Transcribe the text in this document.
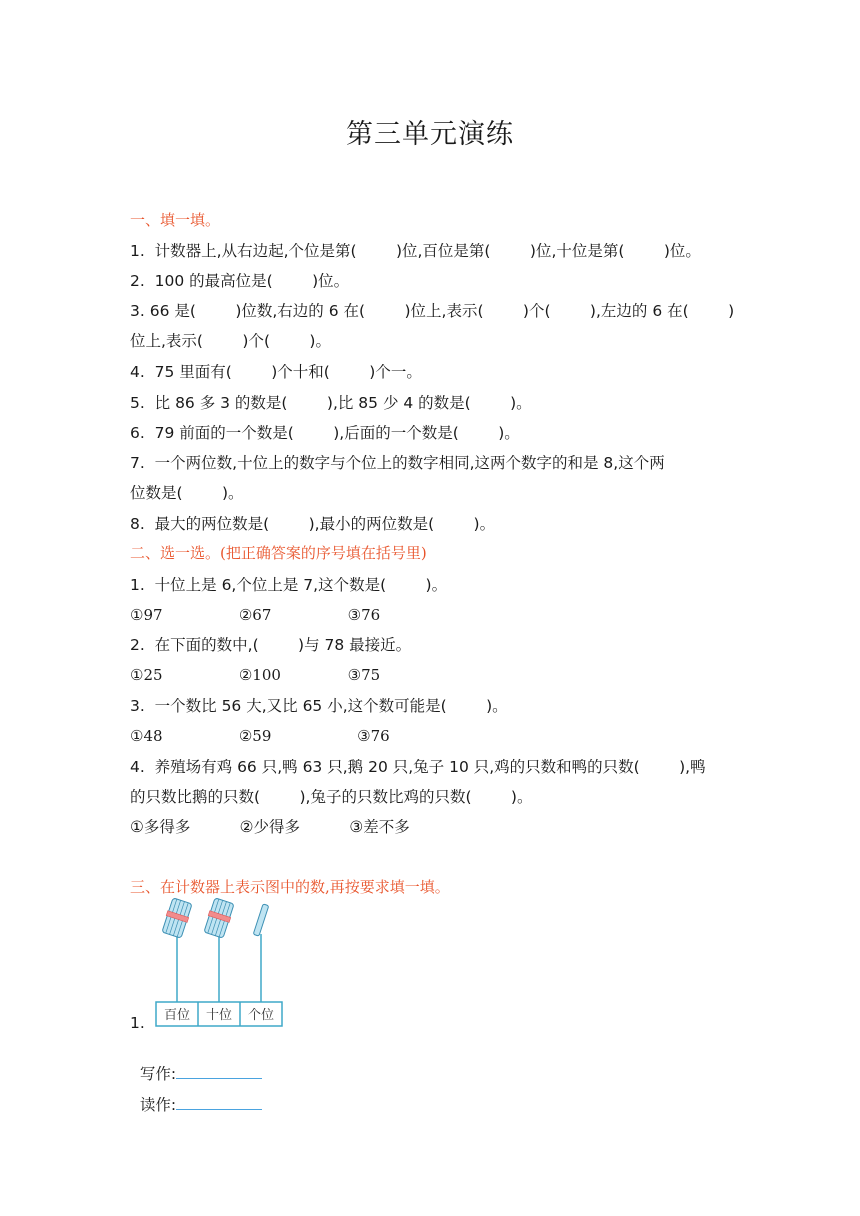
第三单元演练
一、填一填。
1.  计数器上,从右边起,个位是第(        )位,百位是第(        )位,十位是第(        )位。
2.  100 的最高位是(        )位。
3. 66 是(        )位数,右边的 6 在(        )位上,表示(        )个(        ),左边的 6 在(        )
位上,表示(        )个(        )。
4.  75 里面有(        )个十和(        )个一。
5.  比 86 多 3 的数是(        ),比 85 少 4 的数是(        )。
6.  79 前面的一个数是(        ),后面的一个数是(        )。
7.  一个两位数,十位上的数字与个位上的数字相同,这两个数字的和是 8,这个两
位数是(        )。
8.  最大的两位数是(        ),最小的两位数是(        )。
二、选一选。(把正确答案的序号填在括号里)
1.  十位上是 6,个位上是 7,这个数是(        )。
①97                ②67                ③76
2.  在下面的数中,(        )与 78 最接近。
①25                ②100              ③75
3.  一个数比 56 大,又比 65 小,这个数可能是(        )。
①48                ②59                  ③76
4.  养殖场有鸡 66 只,鸭 63 只,鹅 20 只,兔子 10 只,鸡的只数和鸭的只数(        ),鸭
的只数比鹅的只数(        ),兔子的只数比鸡的只数(        )。
①多得多          ②少得多          ③差不多
三、在计数器上表示图中的数,再按要求填一填。
1. 百位 十位 个位

写作:

读作:
